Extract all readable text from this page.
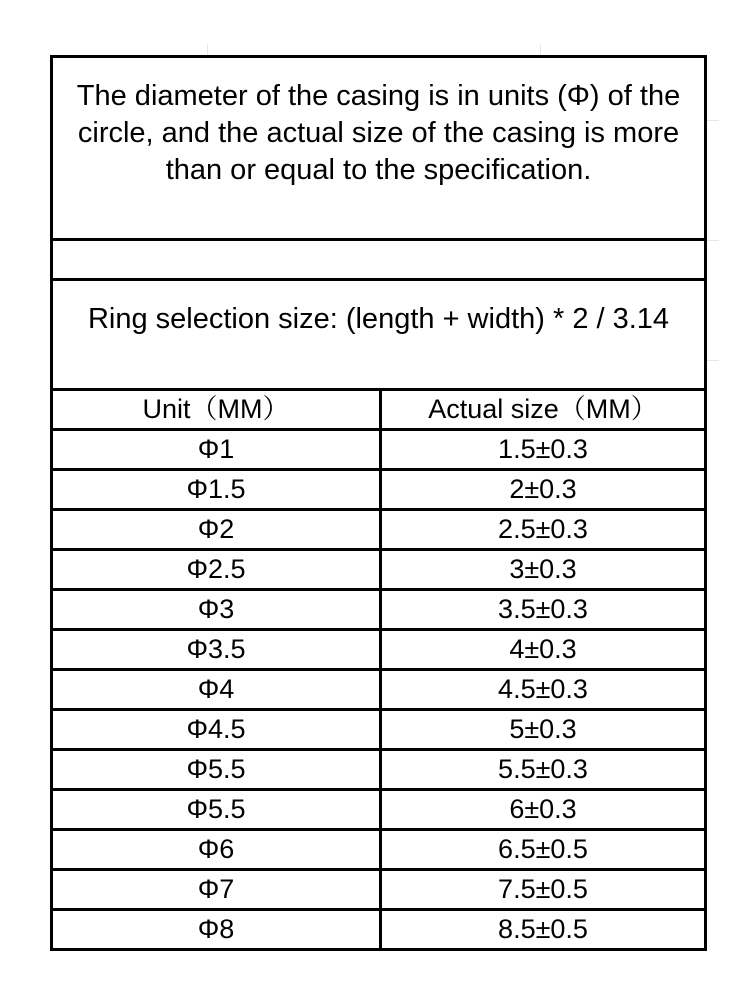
The diameter of the casing is in units (Φ) of the circle, and the actual size of the casing is more than or equal to the specification.
Ring selection size: (length + width) * 2 / 3.14
Unit（MM）	Actual size（MM）
Φ1	1.5±0.3
Φ1.5	2±0.3
Φ2	2.5±0.3
Φ2.5	3±0.3
Φ3	3.5±0.3
Φ3.5	4±0.3
Φ4	4.5±0.3
Φ4.5	5±0.3
Φ5.5	5.5±0.3
Φ5.5	6±0.3
Φ6	6.5±0.5
Φ7	7.5±0.5
Φ8	8.5±0.5
